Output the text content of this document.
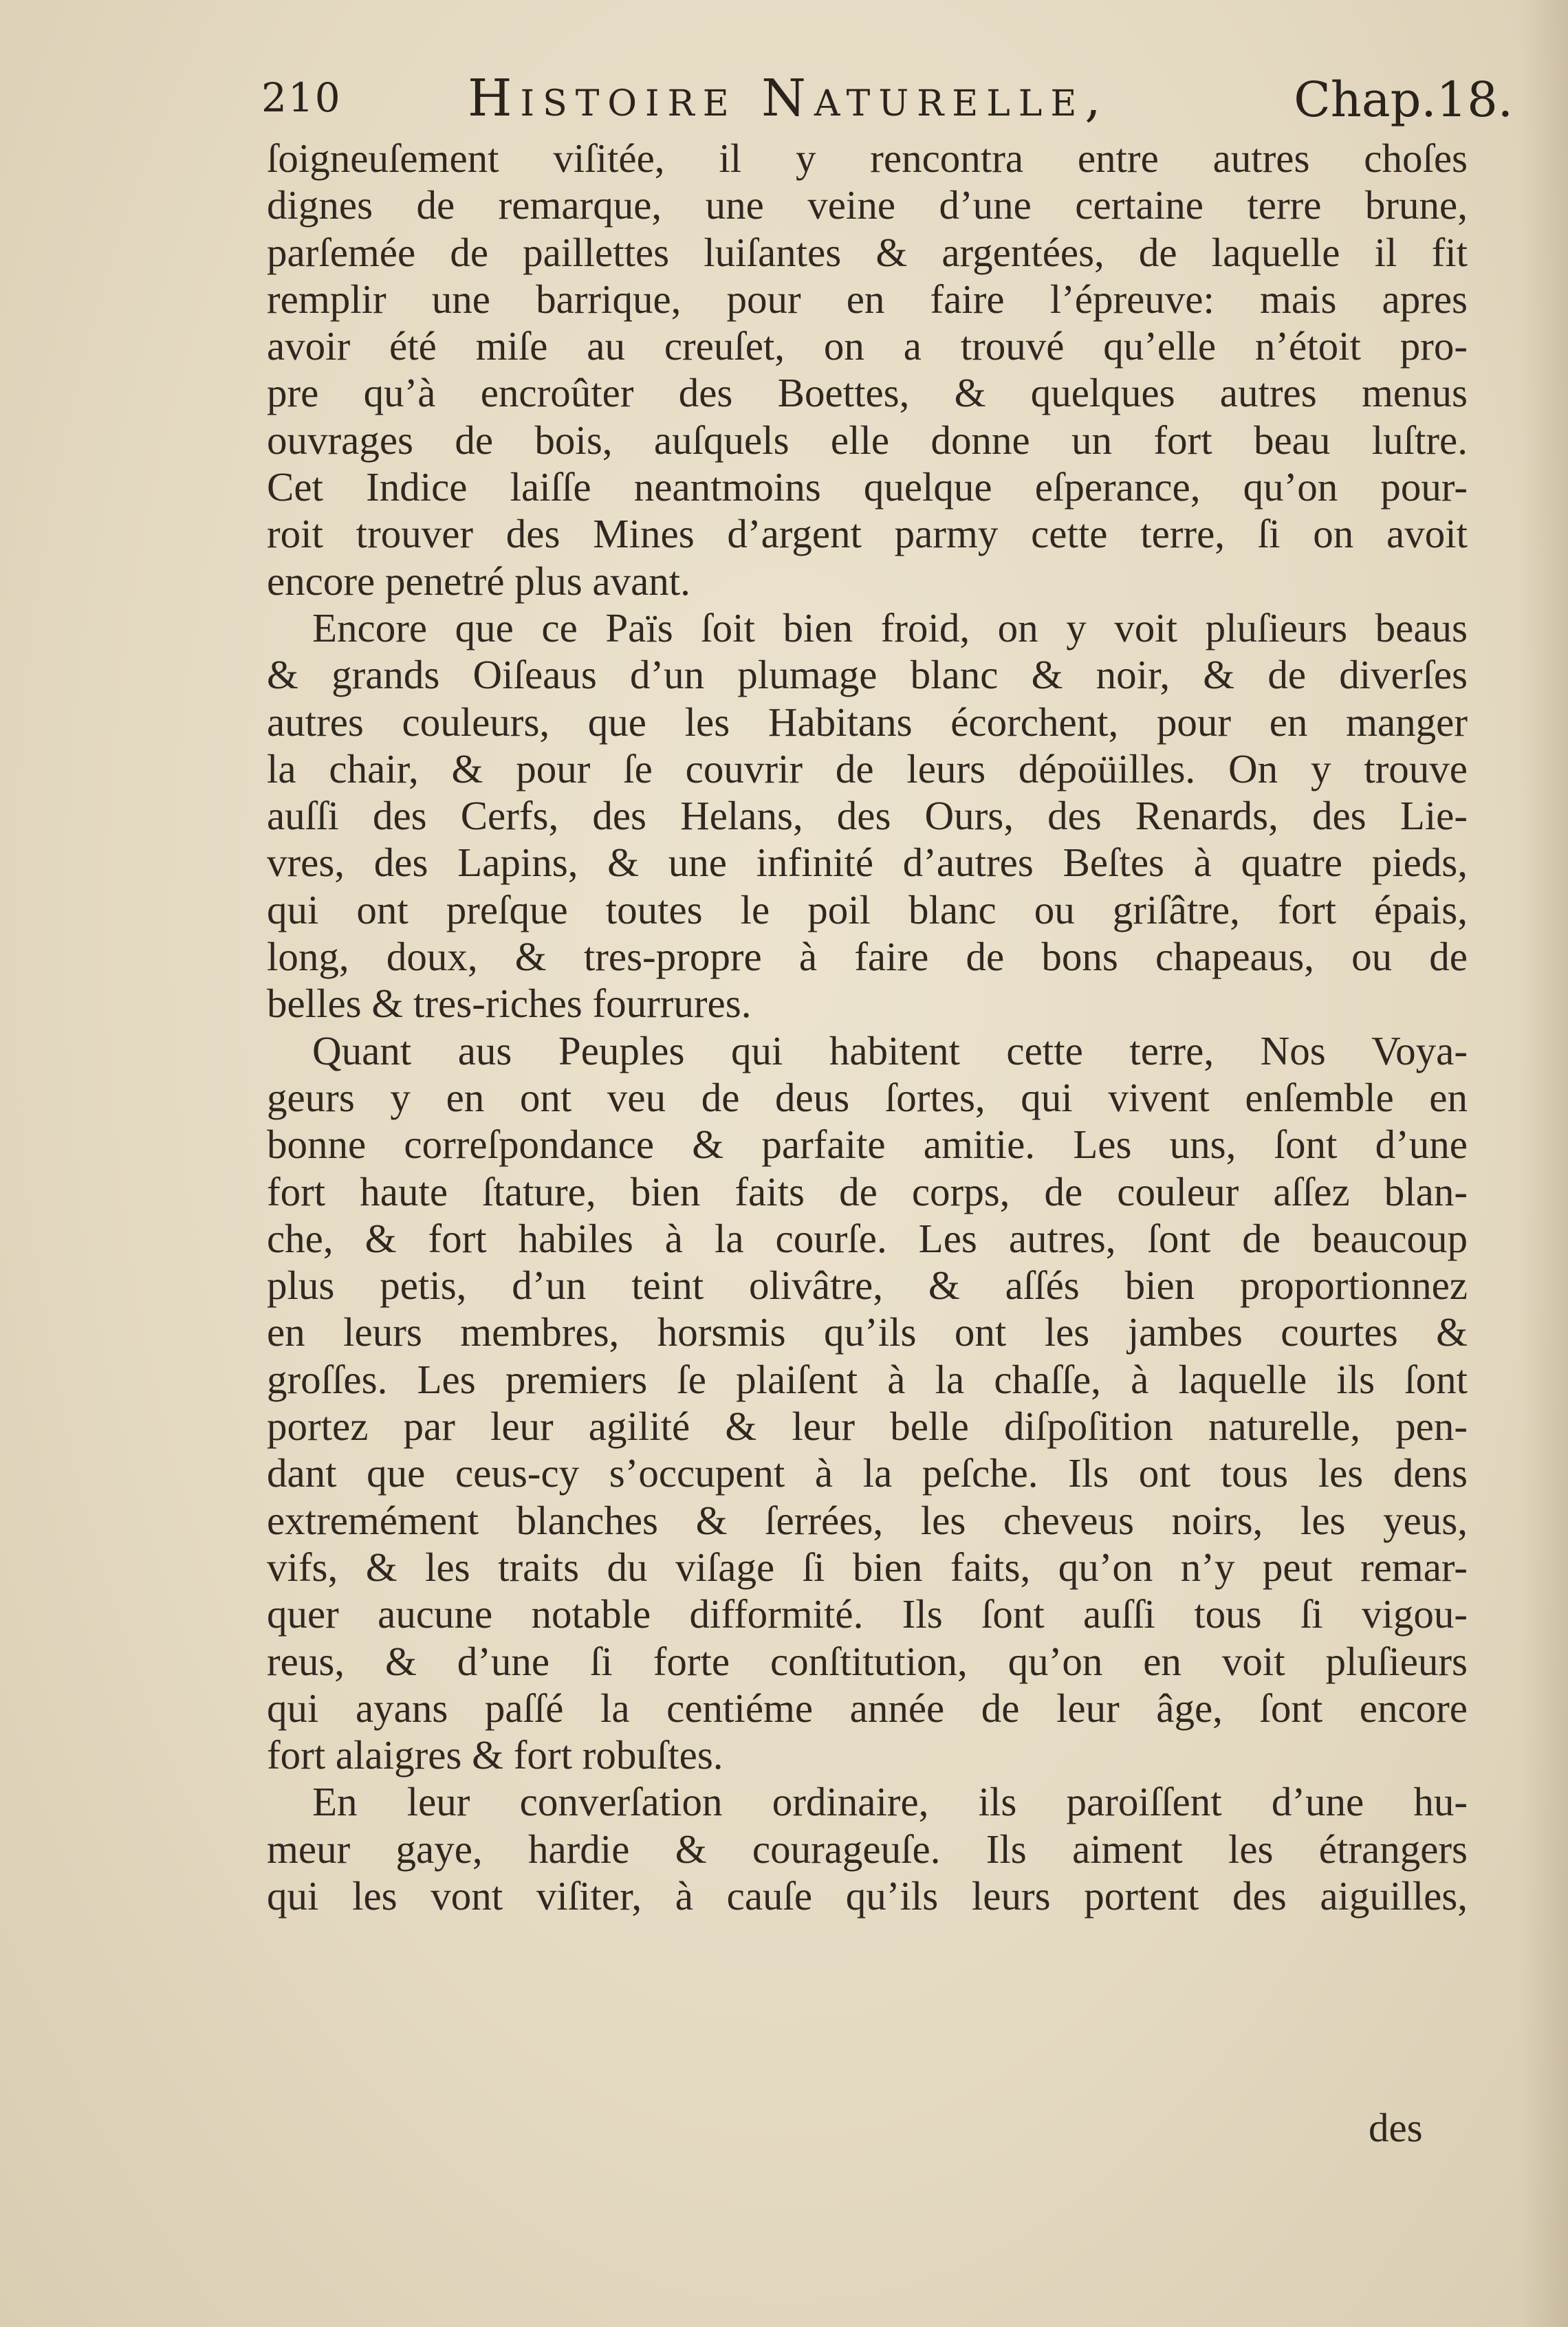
210 Histoire Naturelle,	Chap.18.
ſoigneuſement viſitée, il y rencontra entre autres choſes
dignes de remarque, une veine d’une certaine terre brune,
parſemée de paillettes luiſantes & argentées, de laquelle il fit
remplir une barrique, pour en faire l’épreuve: mais apres
avoir été miſe au creuſet, on a trouvé qu’elle n’étoit pro-
pre qu’à encroûter des Boettes, & quelques autres menus
ouvrages de bois, auſquels elle donne un fort beau luſtre.
Cet Indice laiſſe neantmoins quelque eſperance, qu’on pour-
roit trouver des Mines d’argent parmy cette terre, ſi on avoit
encore penetré plus avant.
Encore que ce Païs ſoit bien froid, on y voit pluſieurs beaus
& grands Oiſeaus d’un plumage blanc & noir, & de diverſes
autres couleurs, que les Habitans écorchent, pour en manger
la chair, & pour ſe couvrir de leurs dépoüilles. On y trouve
auſſi des Cerfs, des Helans, des Ours, des Renards, des Lie-
vres, des Lapins, & une infinité d’autres Beſtes à quatre pieds,
qui ont preſque toutes le poil blanc ou griſâtre, fort épais,
long, doux, & tres-propre à faire de bons chapeaus, ou de
belles & tres-riches fourrures.
Quant aus Peuples qui habitent cette terre, Nos Voya-
geurs y en ont veu de deus ſortes, qui vivent enſemble en
bonne correſpondance & parfaite amitie. Les uns, ſont d’une
fort haute ſtature, bien faits de corps, de couleur aſſez blan-
che, & fort habiles à la courſe. Les autres, ſont de beaucoup
plus petis, d’un teint olivâtre, & aſſés bien proportionnez
en leurs membres, horsmis qu’ils ont les jambes courtes &
groſſes. Les premiers ſe plaiſent à la chaſſe, à laquelle ils ſont
portez par leur agilité & leur belle diſpoſition naturelle, pen-
dant que ceus-cy s’occupent à la peſche. Ils ont tous les dens
extremément blanches & ſerrées, les cheveus noirs, les yeus,
vifs, & les traits du viſage ſi bien faits, qu’on n’y peut remar-
quer aucune notable difformité. Ils ſont auſſi tous ſi vigou-
reus, & d’une ſi forte conſtitution, qu’on en voit pluſieurs
qui ayans paſſé la centiéme année de leur âge, ſont encore
fort alaigres & fort robuſtes.
En leur converſation ordinaire, ils paroiſſent d’une hu-
meur gaye, hardie & courageuſe. Ils aiment les étrangers
qui les vont viſiter, à cauſe qu’ils leurs portent des aiguilles,
des
